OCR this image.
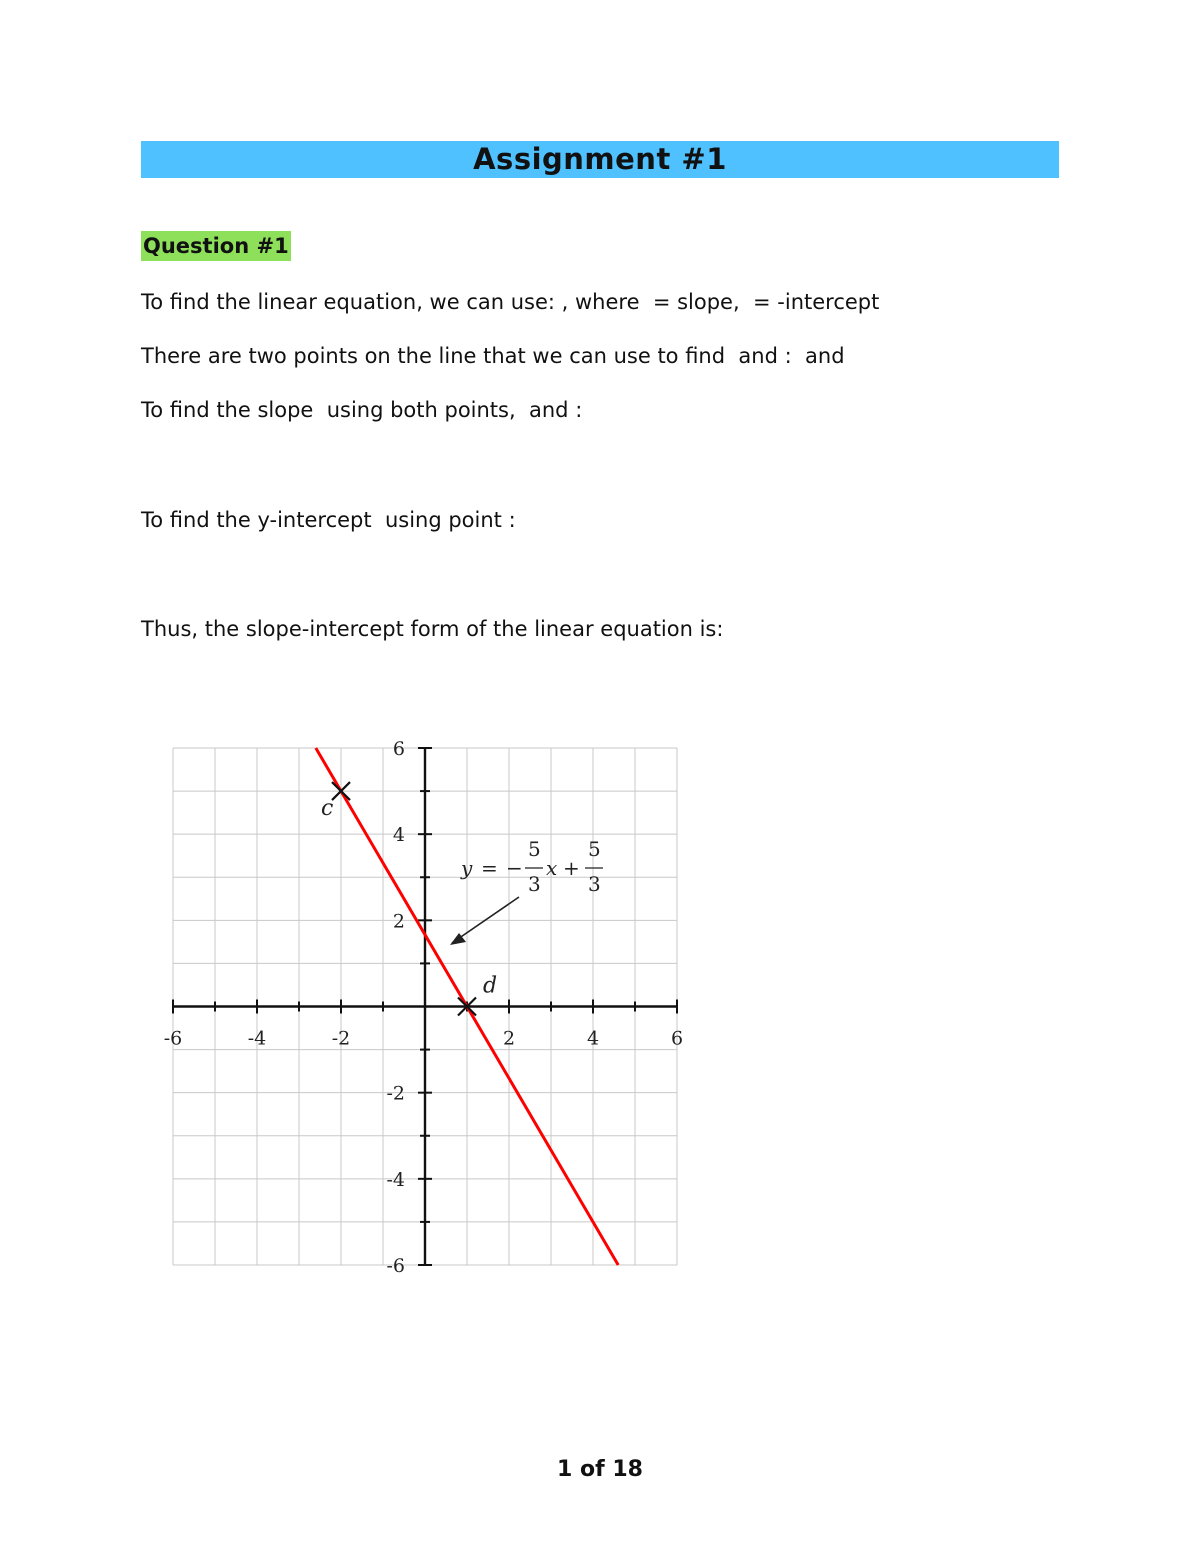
Assignment #1
Question #1
To find the linear equation, we can use: , where  = slope,  = -intercept
There are two points on the line that we can use to find  and :  and
To find the slope  using both points,  and :
To find the y-intercept  using point :
Thus, the slope-intercept form of the linear equation is:
-6	-4	-2	2	4	6
6
4
2
-2
-4
-6
c
d
y = −
5
3
x +
5
3
1 of 18
